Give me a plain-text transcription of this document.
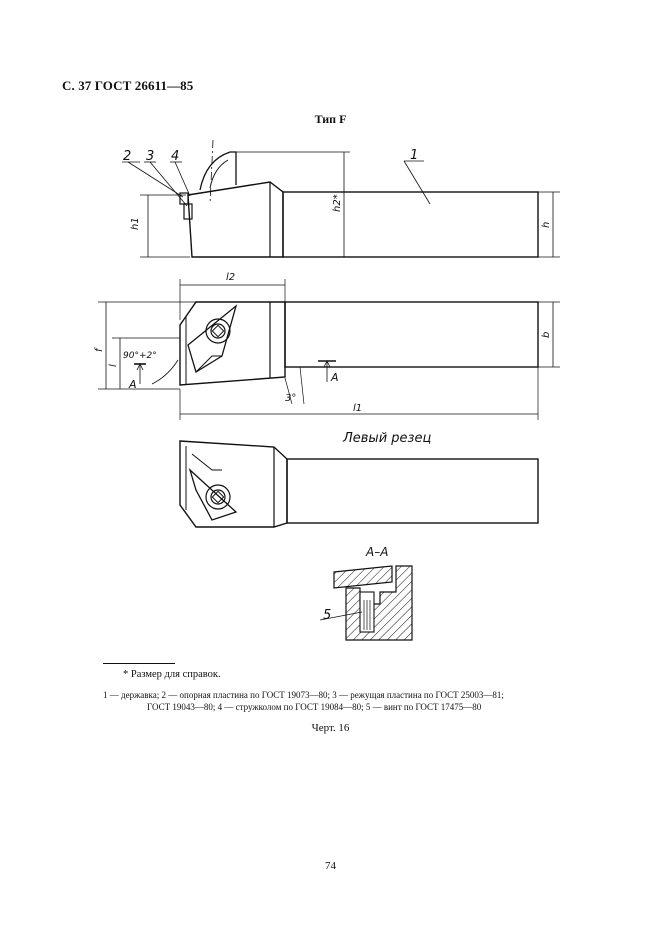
С. 37 ГОСТ 26611—85
Тип F
2 3 4	1
h1
h2*
h
l2
b
f
l
90°+2°
A
A
3°
l1
Левый резец
А–А
5
* Размер для справок.
1 — державка; 2 — опорная пластина по ГОСТ 19073—80; 3 — режущая пластина по ГОСТ 25003—81;
ГОСТ 19043—80; 4 — стружколом по ГОСТ 19084—80; 5 — винт по ГОСТ 17475—80
Черт. 16
74
